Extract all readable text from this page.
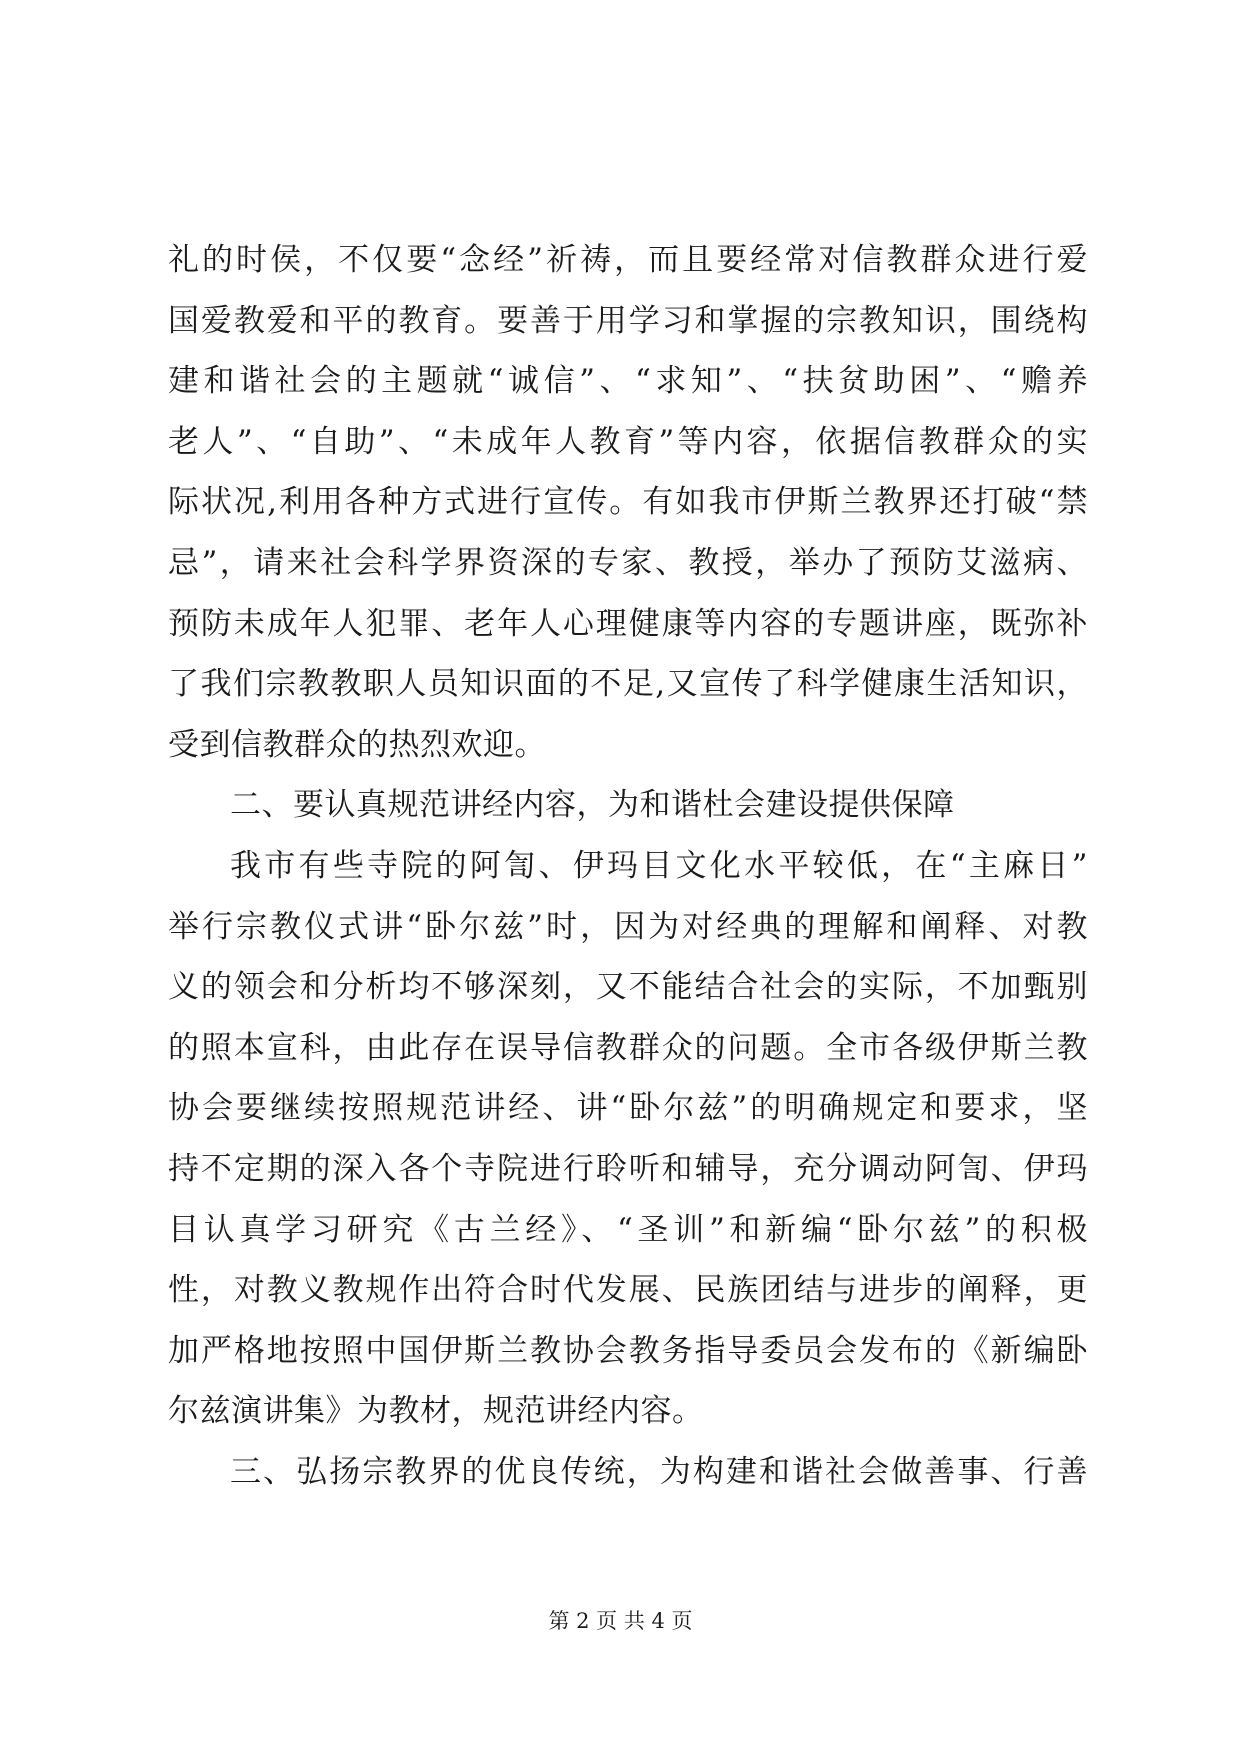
礼的时侯，不仅要“念经”祈祷，而且要经常对信教群众进行爱
国爱教爱和平的教育。要善于用学习和掌握的宗教知识，围绕构
建和谐社会的主题就“诚信”、“求知”、“扶贫助困”、“赡养
老人”、“自助”、“未成年人教育”等内容，依据信教群众的实
际状况,利用各种方式进行宣传。有如我市伊斯兰教界还打破“禁
忌”，请来社会科学界资深的专家、教授，举办了预防艾滋病、
预防未成年人犯罪、老年人心理健康等内容的专题讲座，既弥补
了我们宗教教职人员知识面的不足,又宣传了科学健康生活知识，
受到信教群众的热烈欢迎。
二、要认真规范讲经内容，为和谐杜会建设提供保障
我市有些寺院的阿訇、伊玛目文化水平较低，在“主麻日”
举行宗教仪式讲“卧尔兹”时，因为对经典的理解和阐释、对教
义的领会和分析均不够深刻，又不能结合社会的实际，不加甄别
的照本宣科，由此存在误导信教群众的问题。全市各级伊斯兰教
协会要继续按照规范讲经、讲“卧尔兹”的明确规定和要求，坚
持不定期的深入各个寺院进行聆听和辅导，充分调动阿訇、伊玛
目认真学习研究《古兰经》、“圣训”和新编“卧尔兹”的积极
性，对教义教规作出符合时代发展、民族团结与进步的阐释，更
加严格地按照中国伊斯兰教协会教务指导委员会发布的《新编卧
尔兹演讲集》为教材，规范讲经内容。
三、弘扬宗教界的优良传统，为构建和谐社会做善事、行善
第 2 页 共 4 页
